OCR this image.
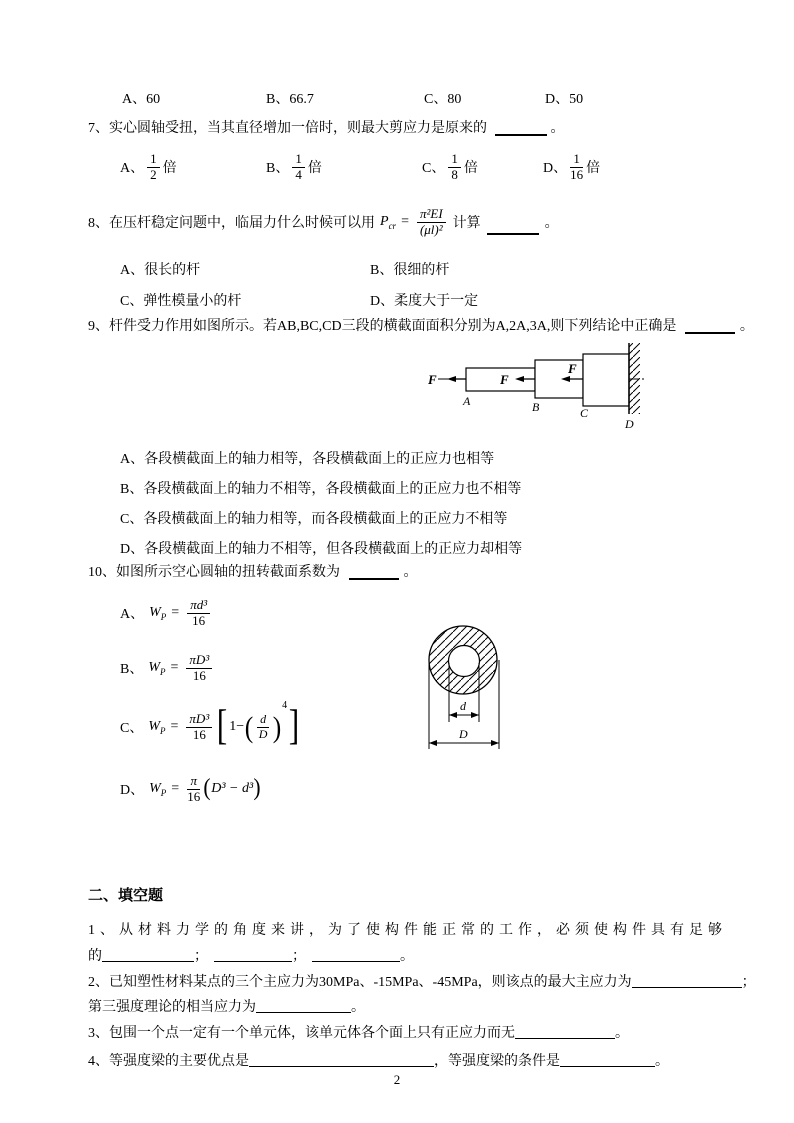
A、60	B、66.7	C、80	D、50
7、实心圆轴受扭，当其直径增加一倍时，则最大剪应力是原来的	。
A、 $\frac{1}{2}$ 倍	B、 $\frac{1}{4}$ 倍	C、 $\frac{1}{8}$ 倍	D、 $\frac{1}{16}$ 倍
8、在压杆稳定问题中，临届力什么时候可以用 $P_{cr} = \frac{\text{π²EI}}{\text{(μl)²}}$ 计算	。
A、很长的杆	B、很细的杆
C、弹性模量小的杆	D、柔度大于一定
9、杆件受力作用如图所示。若AB,BC,CD三段的横截面面积分别为A,2A,3A,则下列结论中正确是	。
F	F
F
A	B	C
D
A、各段横截面上的轴力相等，各段横截面上的正应力也相等
B、各段横截面上的轴力不相等，各段横截面上的正应力也不相等
C、各段横截面上的轴力相等，而各段横截面上的正应力不相等
D、各段横截面上的轴力不相等，但各段横截面上的正应力却相等
10、如图所示空心圆轴的扭转截面系数为	。
A、 $W_P = \frac{\text{πd³}}{16}$
B、 $W_P = \frac{\text{πD³}}{16}$
C、 $W_P = \frac{\text{πD³}}{16}$ [ 1− ( $\frac{d}{D}$ )
4 ]
D、 $W_P = \frac{\pi}{16}$ ( D³ − d³ )
d
D
二、填空题
1、从材料力学的角度来讲，为了使构件能正常的工作，必须使构件具有足够
的	；	；	。
2、已知塑性材料某点的三个主应力为30MPa、-15MPa、-45MPa，则该点的最大主应力为	；
第三强度理论的相当应力为	。
3、包围一个点一定有一个单元体，该单元体各个面上只有正应力而无	。
4、等强度梁的主要优点是	，等强度梁的条件是	。
2
